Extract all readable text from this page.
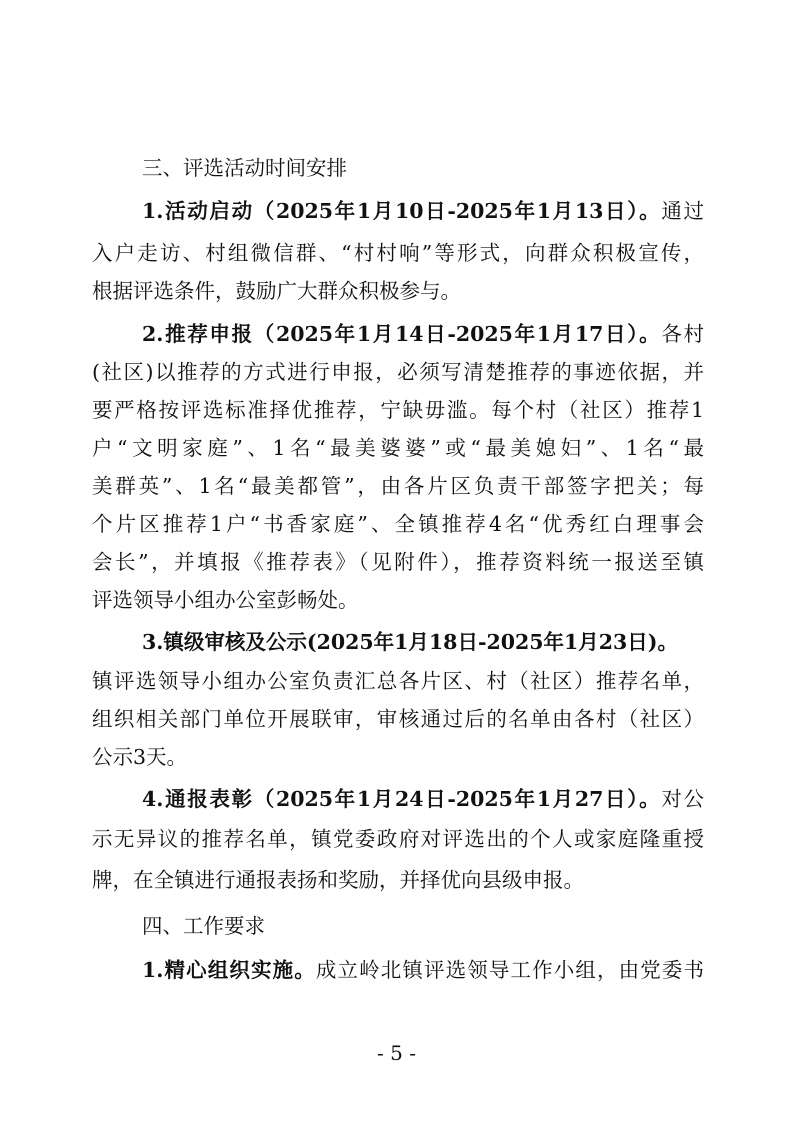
三、评选活动时间安排
1.活动启动（2025年1月10日-2025年1月13日）。通过
入户走访、村组微信群、“村村响”等形式，向群众积极宣传，
根据评选条件，鼓励广大群众积极参与。
2.推荐申报（2025年1月14日-2025年1月17日）。各村
(社区)以推荐的方式进行申报，必须写清楚推荐的事迹依据，并
要严格按评选标准择优推荐，宁缺毋滥。每个村（社区）推荐1
户“文明家庭”、1名“最美婆婆”或“最美媳妇”、1名“最
美群英”、1名“最美都管”，由各片区负责干部签字把关；每
个片区推荐1户“书香家庭”、全镇推荐4名“优秀红白理事会
会长”，并填报《推荐表》（见附件），推荐资料统一报送至镇
评选领导小组办公室彭畅处。
3.镇级审核及公示(2025年1月18日-2025年1月23日)。
镇评选领导小组办公室负责汇总各片区、村（社区）推荐名单，
组织相关部门单位开展联审，审核通过后的名单由各村（社区）
公示3天。
4.通报表彰（2025年1月24日-2025年1月27日）。对公
示无异议的推荐名单，镇党委政府对评选出的个人或家庭隆重授
牌，在全镇进行通报表扬和奖励，并择优向县级申报。
四、工作要求
1.精心组织实施。成立岭北镇评选领导工作小组，由党委书
- 5 -
